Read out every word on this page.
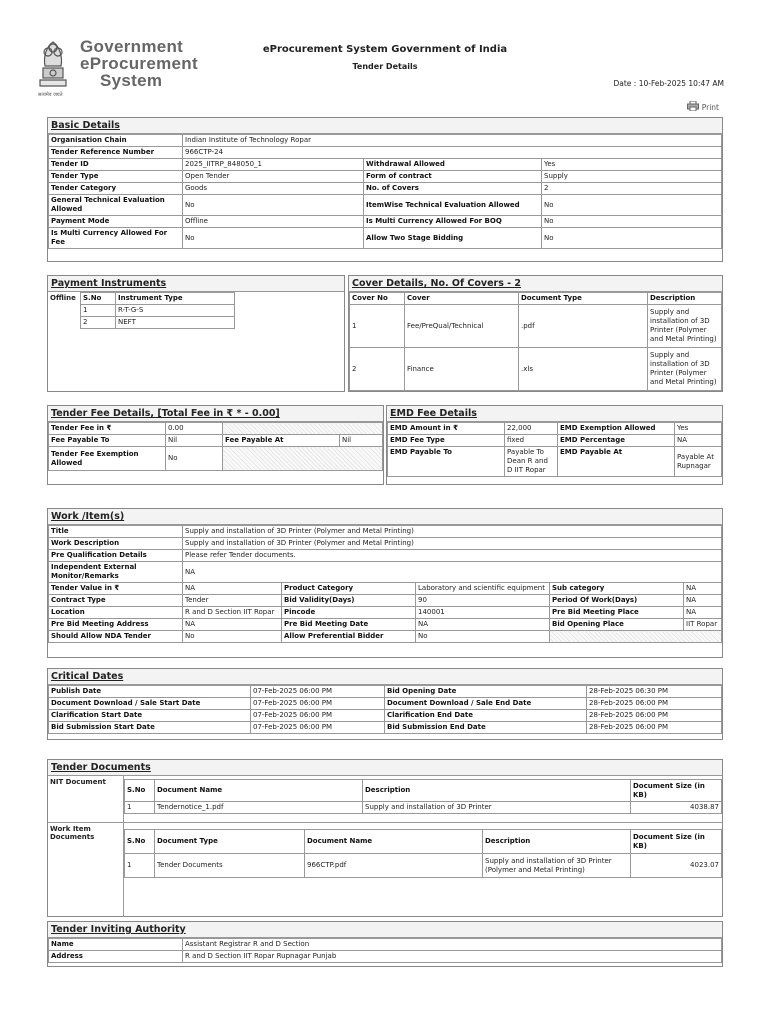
Government
eProcurement
System
सत्यमेव जयते
eProcurement System Government of India
Tender Details
Date : 10-Feb-2025 10:47 AM
Print
Basic Details
Organisation Chain	Indian Institute of Technology Ropar		
Tender Reference Number	966CTP-24		
Tender ID	2025_IITRP_848050_1	Withdrawal Allowed	Yes
Tender Type	Open Tender	Form of contract	Supply
Tender Category	Goods	No. of Covers	2
General Technical Evaluation Allowed	No	ItemWise Technical Evaluation Allowed	No
Payment Mode	Offline	Is Multi Currency Allowed For BOQ	No
Is Multi Currency Allowed For Fee	No	Allow Two Stage Bidding	No
Payment Instruments
Offline	S.No	Instrument Type
1	R-T-G-S
2	NEFT
Cover Details, No. Of Covers - 2
Cover No	Cover	Document Type	Description
1	Fee/PreQual/Technical	.pdf	Supply and installation of 3D Printer (Polymer and Metal Printing)
2	Finance	.xls	Supply and installation of 3D Printer (Polymer and Metal Printing)
Tender Fee Details, [Total Fee in ₹ * - 0.00]
Tender Fee in ₹	0.00		
Fee Payable To	Nil	Fee Payable At	Nil
Tender Fee Exemption Allowed	No		
EMD Fee Details
EMD Amount in ₹	22,000	EMD Exemption Allowed	Yes
EMD Fee Type	fixed	EMD Percentage	NA
EMD Payable To	Payable To Dean R and D IIT Ropar	EMD Payable At	Payable At Rupnagar
Work /Item(s)
Title	Supply and installation of 3D Printer (Polymer and Metal Printing)				
Work Description	Supply and installation of 3D Printer (Polymer and Metal Printing)				
Pre Qualification Details	Please refer Tender documents.				
Independent External Monitor/Remarks	NA				
Tender Value in ₹	NA	Product Category	Laboratory and scientific equipment	Sub category	NA
Contract Type	Tender	Bid Validity(Days)	90	Period Of Work(Days)	NA
Location	R and D Section IIT Ropar	Pincode	140001	Pre Bid Meeting Place	NA
Pre Bid Meeting Address	NA	Pre Bid Meeting Date	NA	Bid Opening Place	IIT Ropar
Should Allow NDA Tender	No	Allow Preferential Bidder	No		
Critical Dates
Publish Date	07-Feb-2025 06:00 PM	Bid Opening Date	28-Feb-2025 06:30 PM
Document Download / Sale Start Date	07-Feb-2025 06:00 PM	Document Download / Sale End Date	28-Feb-2025 06:00 PM
Clarification Start Date	07-Feb-2025 06:00 PM	Clarification End Date	28-Feb-2025 06:00 PM
Bid Submission Start Date	07-Feb-2025 06:00 PM	Bid Submission End Date	28-Feb-2025 06:00 PM
Tender Documents
NIT Document
S.No	Document Name	Description	Document Size (in KB)
1	Tendernotice_1.pdf	Supply and installation of 3D Printer	4038.87
Work Item Documents	S.No	Document Type	Document Name	Description	Document Size (in KB)
1	Tender Documents	966CTP.pdf	Supply and installation of 3D Printer (Polymer and Metal Printing)	4023.07
Tender Inviting Authority
Name	Assistant Registrar R and D Section
Address	R and D Section IIT Ropar Rupnagar Punjab
